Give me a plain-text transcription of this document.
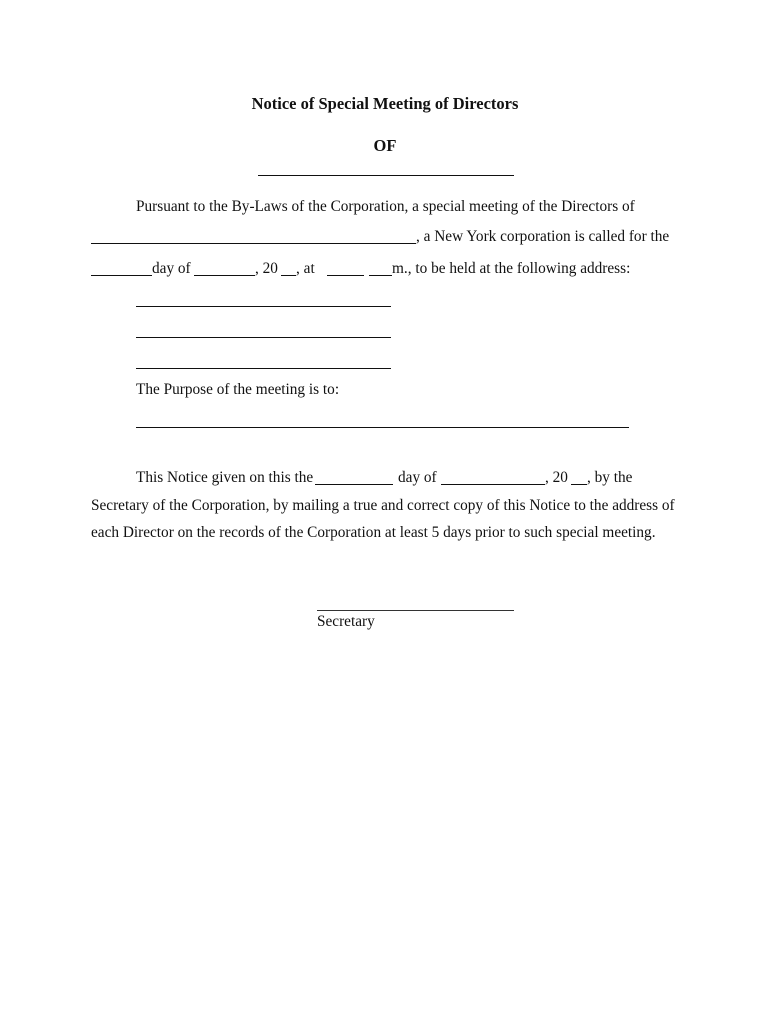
Notice of Special Meeting of Directors
OF
Pursuant to the By-Laws of the Corporation, a special meeting of the Directors of
, a New York corporation is called for the
day of	, 20 , at	m., to be held at the following address:
The Purpose of the meeting is to:
This Notice given on this the	day of	, 20 , by the
Secretary of the Corporation, by mailing a true and correct copy of this Notice to the address of
each Director on the records of the Corporation at least 5 days prior to such special meeting.
Secretary
